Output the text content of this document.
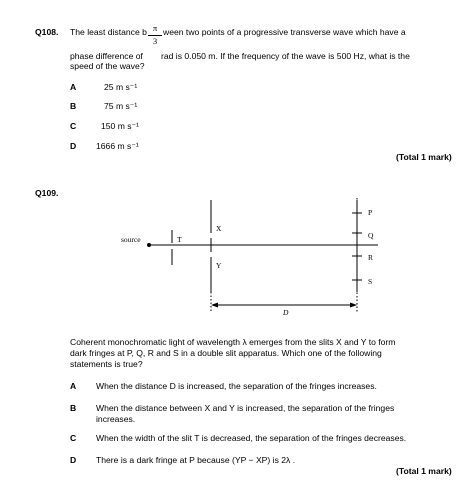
Q108. The least distance b π
3
ween two points of a progressive transverse wave which have a
phase difference of rad is 0.050 m. If the frequency of the wave is 500 Hz, what is the
speed of the wave?
A	25 m s⁻¹
B	75 m s⁻¹
C	150 m s⁻¹
D 1666 m s⁻¹
(Total 1 mark)
Q109.
source	T
X
Y
P
Q
R
S
D
Coherent monochromatic light of wavelength λ emerges from the slits X and Y to form
dark fringes at P, Q, R and S in a double slit apparatus. Which one of the following
statements is true?
A When the distance D is increased, the separation of the fringes increases.
B When the distance between X and Y is increased, the separation of the fringes increases.
C When the width of the slit T is decreased, the separation of the fringes decreases.
D There is a dark fringe at P because (YP − XP) is 2λ .
(Total 1 mark)
